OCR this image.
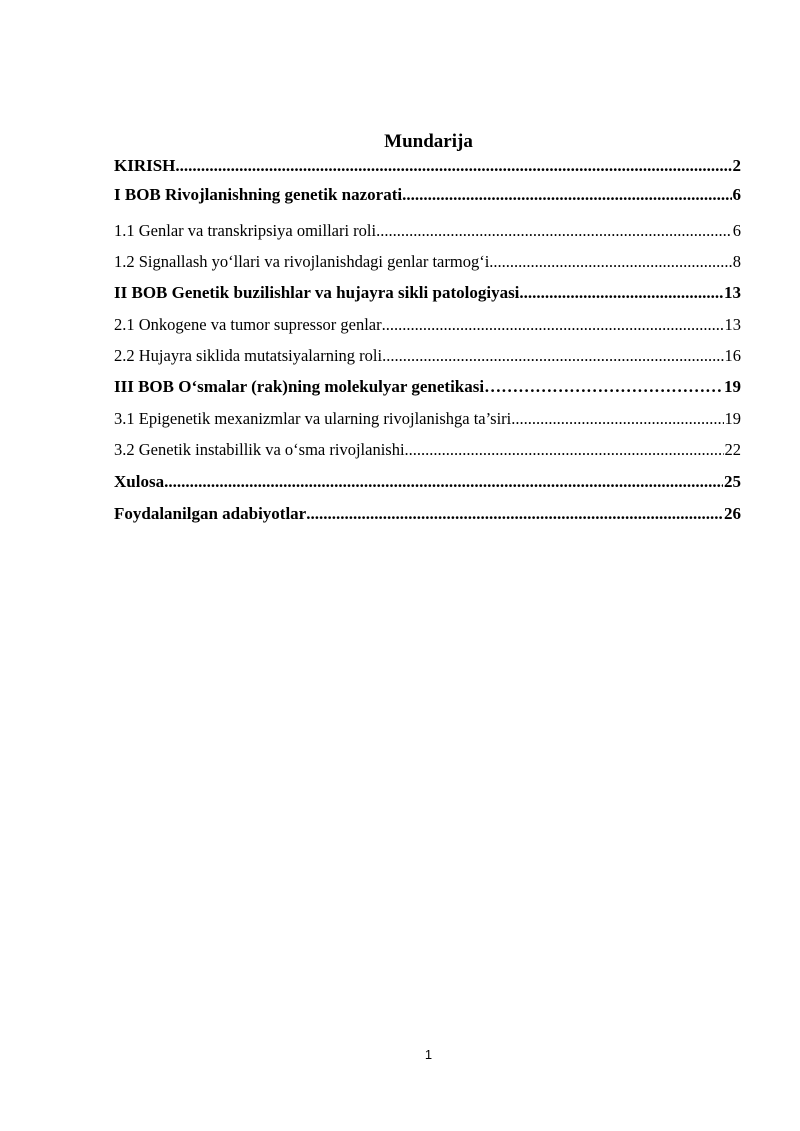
Mundarija
KIRISH .....	2
I BOB Rivojlanishning genetik nazorati .....	6
1.1 Genlar va transkripsiya omillari roli .....	6
1.2 Signallash yo‘llari va rivojlanishdagi genlar tarmog‘i .....	8
II BOB Genetik buzilishlar va hujayra sikli patologiyasi .....	13
2.1 Onkogene va tumor supressor genlar .....	13
2.2 Hujayra siklida mutatsiyalarning roli .....	16
III BOB O‘smalar (rak)ning molekulyar genetikasi …………………………………………………………………………………………………………………………………………………	19
3.1 Epigenetik mexanizmlar va ularning rivojlanishga ta’siri .....	19
3.2 Genetik instabillik va o‘sma rivojlanishi .....	22
Xulosa .....	25
Foydalanilgan adabiyotlar .....	26
1
